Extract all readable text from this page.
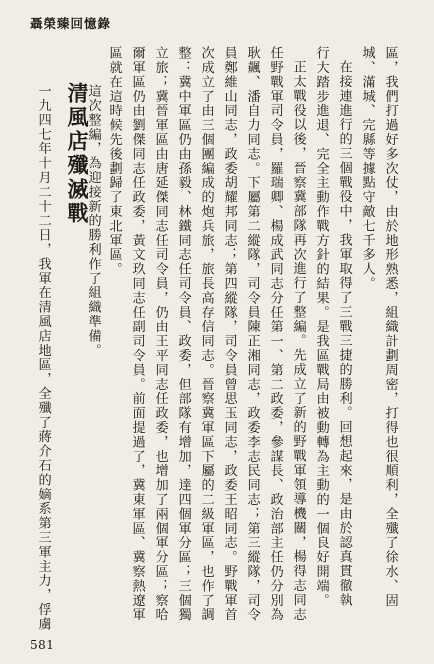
聶榮臻回憶錄
區，我們打過好多次仗，由於地形熟悉，組織計劃周密，打得也很順利，全殲了徐水、固
城、滿城、完縣等據點守敵七千多人。
在接連進行的三個戰役中，我軍取得了三戰三捷的勝利。回想起來，是由於認真貫徹執
行大踏步進退、完全主動作戰方針的結果。是我區戰局由被動轉為主動的一個良好開端。
正太戰役以後，晉察冀部隊再次進行了整編。先成立了新的野戰軍領導機關，楊得志同志
任野戰軍司令員，羅瑞卿、楊成武同志分任第一、第二政委，參謀長、政治部主任仍分別為
耿飆、潘自力同志。下屬第二縱隊，司令員陳正湘同志，政委李志民同志；第三縱隊，司令
員鄭維山同志，政委胡耀邦同志；第四縱隊，司令員曾思玉同志，政委王昭同志。野戰軍首
次成立了由三個團編成的炮兵旅，旅長高存信同志。晉察冀軍區下屬的二級軍區，也作了調
整：冀中軍區仍由孫毅、林鐵同志任司令員、政委，但部隊有增加，達四個軍分區；三個獨
立旅；冀晉軍區由唐延傑同志任司令員，仍由王平同志任政委，也增加了兩個軍分區；察哈
爾軍區仍由劉傑同志任政委，黃文玖同志任副司令員。前面提過了，冀東軍區、冀察熱遼軍
區就在這時候先後劃歸了東北軍區。
這次整編，為迎接新的勝利作了組織準備。
清風店殲滅戰
一九四七年十月二十二日，我軍在清風店地區，全殲了蔣介石的嫡系第三軍主力，俘虜
581
